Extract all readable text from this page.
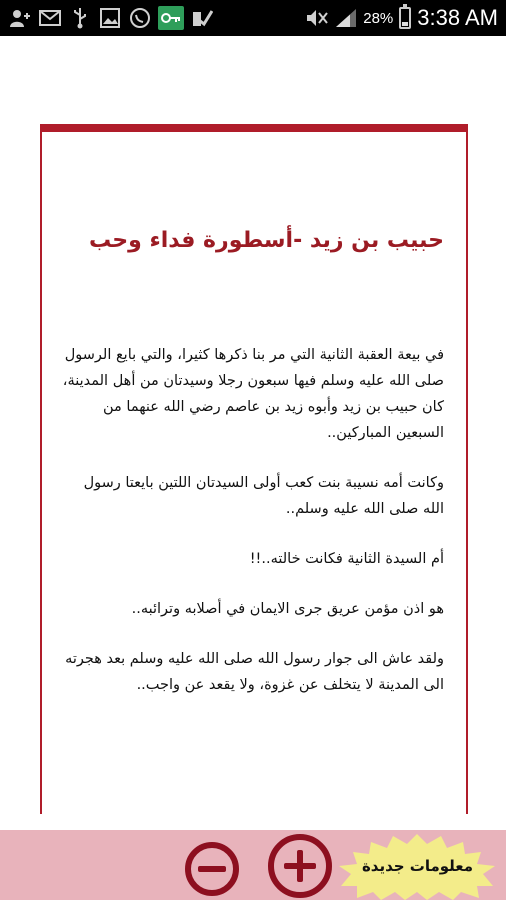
28% 3:38 AM
حبيب بن زيد -أسطورة فداء وحب

في بيعة العقبة الثانية التي مر بنا ذكرها كثيرا، والتي بايع الرسول صلى الله عليه وسلم فيها سبعون رجلا وسيدتان من أهل المدينة، كان حبيب بن زيد وأبوه زيد بن عاصم رضي الله عنهما من السبعين المباركين..

وكانت أمه نسيبة بنت كعب أولى السيدتان اللتين بايعتا رسول الله صلى الله عليه وسلم..

أم السيدة الثانية فكانت خالته..!!

هو اذن مؤمن عريق جرى الايمان في أصلابه وترائبه..

ولقد عاش الى جوار رسول الله صلى الله عليه وسلم بعد هجرته الى المدينة لا يتخلف عن غزوة، ولا يقعد عن واجب..

معلومات جديدة
